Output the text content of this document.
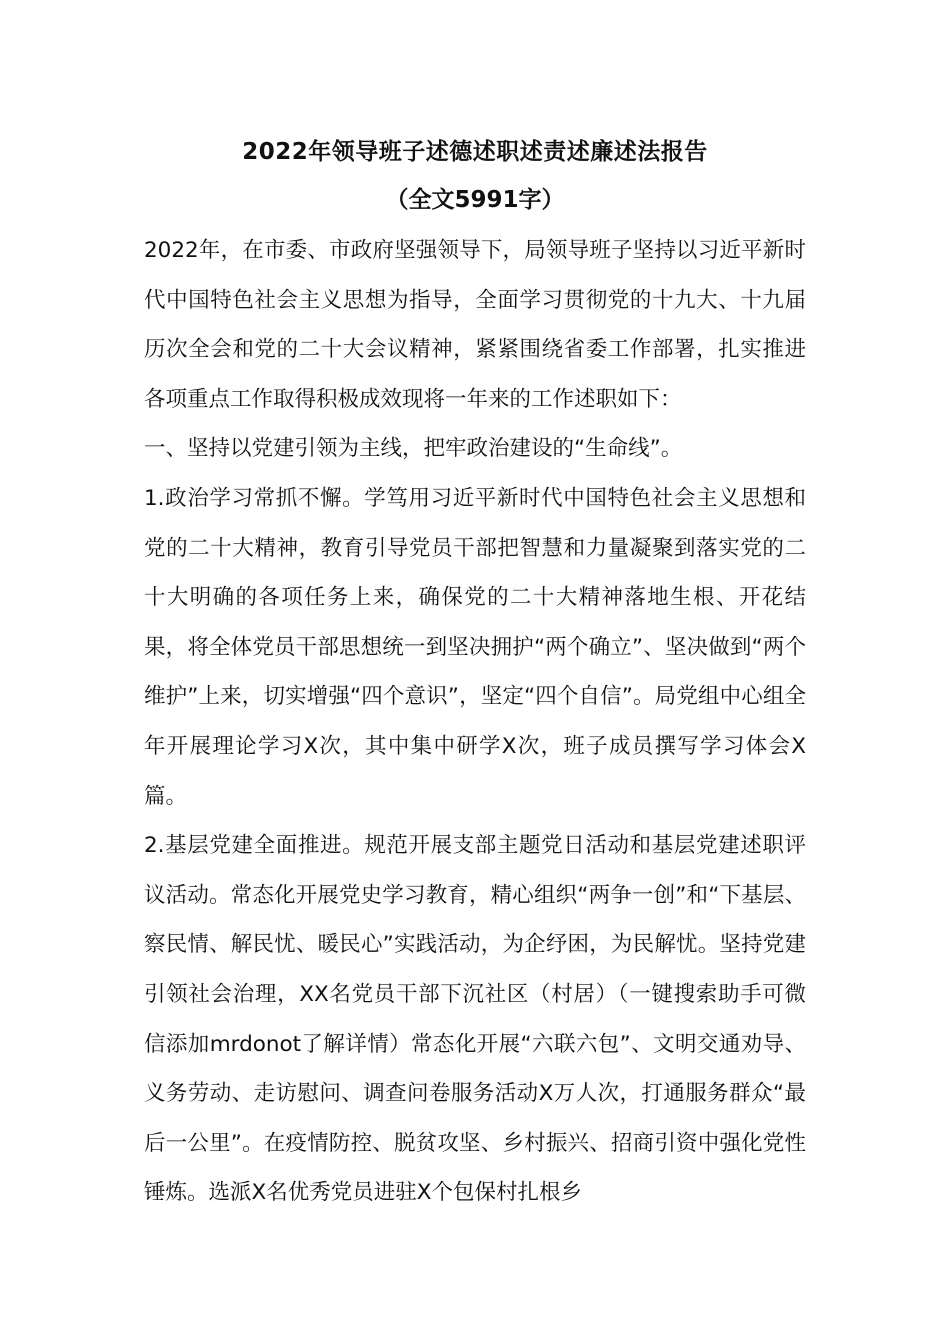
2022年领导班子述德述职述责述廉述法报告
（全文5991字）

2022年，在市委、市政府坚强领导下，局领导班子坚持以习近平新时代中国特色社会主义思想为指导，全面学习贯彻党的十九大、十九届历次全会和党的二十大会议精神，紧紧围绕省委工作部署，扎实推进各项重点工作取得积极成效现将一年来的工作述职如下：

一、坚持以党建引领为主线，把牢政治建设的“生命线”。

1.政治学习常抓不懈。学笃用习近平新时代中国特色社会主义思想和党的二十大精神，教育引导党员干部把智慧和力量凝聚到落实党的二十大明确的各项任务上来，确保党的二十大精神落地生根、开花结果，将全体党员干部思想统一到坚决拥护“两个确立”、坚决做到“两个维护”上来，切实增强“四个意识”，坚定“四个自信”。局党组中心组全年开展理论学习X次，其中集中研学X次，班子成员撰写学习体会X篇。

2.基层党建全面推进。规范开展支部主题党日活动和基层党建述职评议活动。常态化开展党史学习教育，精心组织“两争一创”和“下基层、察民情、解民忧、暖民心”实践活动，为企纾困，为民解忧。坚持党建引领社会治理，XX名党员干部下沉社区（村居）（一键搜索助手可微信添加mrdonot了解详情）常态化开展“六联六包”、文明交通劝导、义务劳动、走访慰问、调查问卷服务活动X万人次，打通服务群众“最后一公里”。在疫情防控、脱贫攻坚、乡村振兴、招商引资中强化党性锤炼。选派X名优秀党员进驻X个包保村扎根乡
